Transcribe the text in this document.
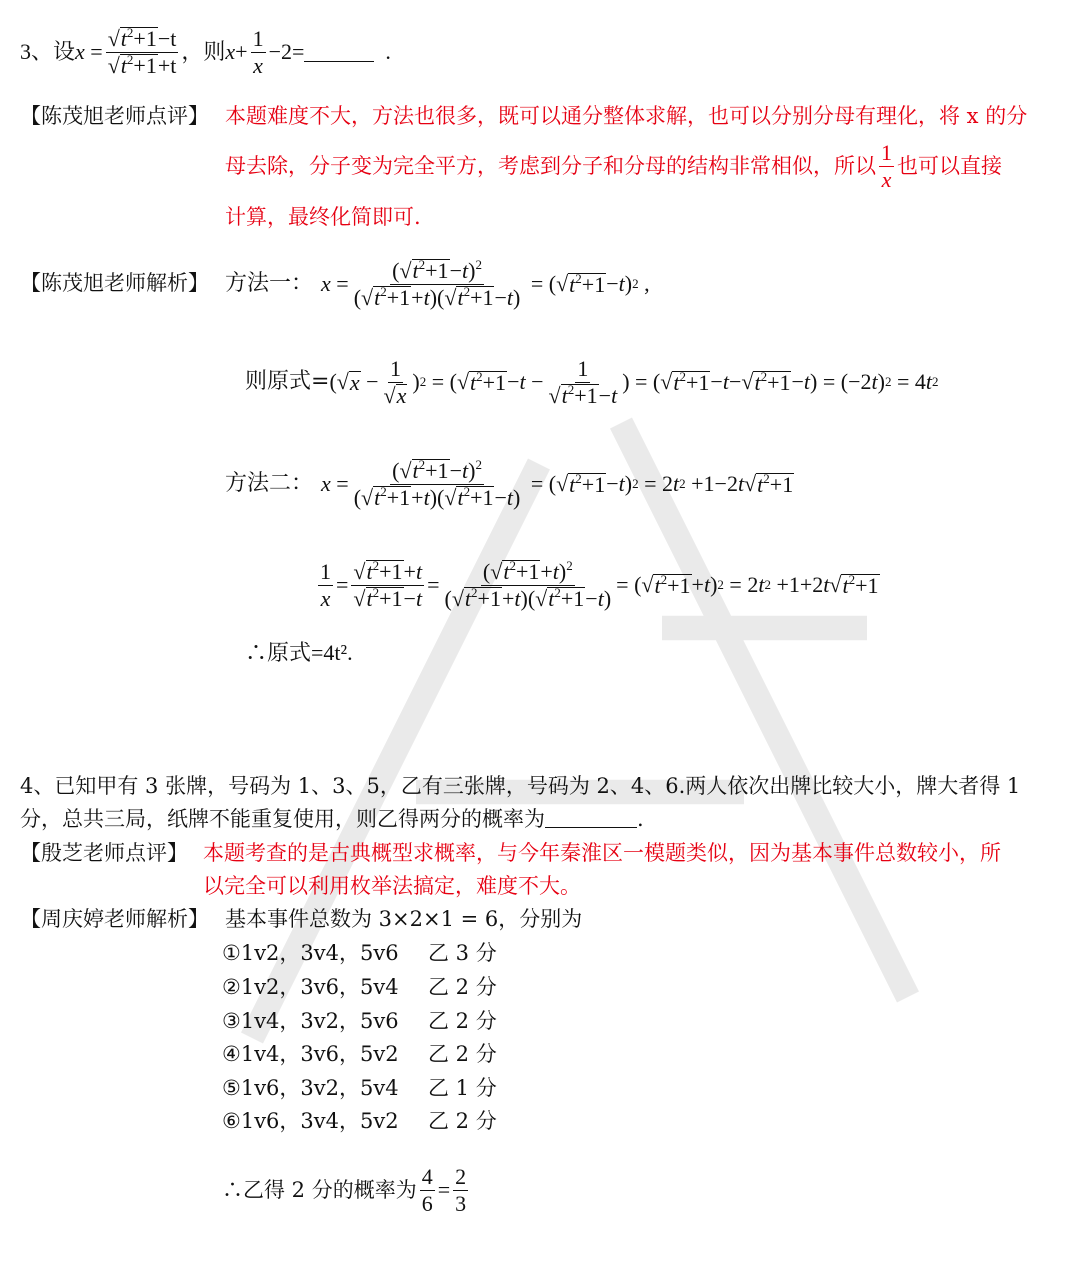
3、设 $x = \frac{√t^2+1-t}{√t^2+1+t}$ ，则 $x + \frac{1}{x} -2=$
	.
【陈茂旭老师点评】 本题难度不大，方法也很多，既可以通分整体求解，也可以分别分母有理化，将 x 的分
母去除，分子变为完全平方，考虑到分子和分母的结构非常相似，所以 $\frac{1}{x}$ 也可以直接
计算，最终化简即可.
【陈茂旭老师解析】 方法一： $x = \frac{(√t^2+1-t)^2}{(√t^2+1+t)(√t^2+1-t)}$ = ( √ $t^2+1 - t$ ) 2 ,
则原式= ( √ $x - \frac{1}{√x}$ ) 2 = ( √ $t^2+1 - t - \frac{1}{√t^2+1-t}$ ) = ( √ $t^2+1 - t$ − √ $t^2+1 - t$ ) = (−2 t ) 2 = 4 t 2
方法二： $x = \frac{(√t^2+1-t)^2}{(√t^2+1+t)(√t^2+1-t)}$ = ( √ $t^2+1 - t$ ) 2 = 2 t 2 +1−2 t √ $t^2+1$
$\frac{1}{x} = \frac{√t^2+1+t}{√t^2+1-t} = \frac{(√t^2+1+t)^2}{(√t^2+1+t)(√t^2+1-t)}$ = ( √ $t^2+1 + t$ ) 2 = 2 t 2 +1+2 t √ $t^2+1$
∴原式=4t².
4、已知甲有 3 张牌，号码为 1、3、5，乙有三张牌，号码为 2、4、6.两人依次出牌比较大小，牌大者得 1
分，总共三局，纸牌不能重复使用，则乙得两分的概率为	.
【殷芝老师点评】 本题考查的是古典概型求概率，与今年秦淮区一模题类似，因为基本事件总数较小，所
以完全可以利用枚举法搞定，难度不大。
【周庆婷老师解析】 基本事件总数为 3×2×1 = 6，分别为
①1v2，3v4，5v6 乙 3 分
②1v2，3v6，5v4 乙 2 分
③1v4，3v2，5v6 乙 2 分
④1v4，3v6，5v2 乙 2 分
⑤1v6，3v2，5v4 乙 1 分
⑥1v6，3v4，5v2 乙 2 分
∴乙得 2 分的概率为 $\frac{4}{6} = \frac{2}{3}$
